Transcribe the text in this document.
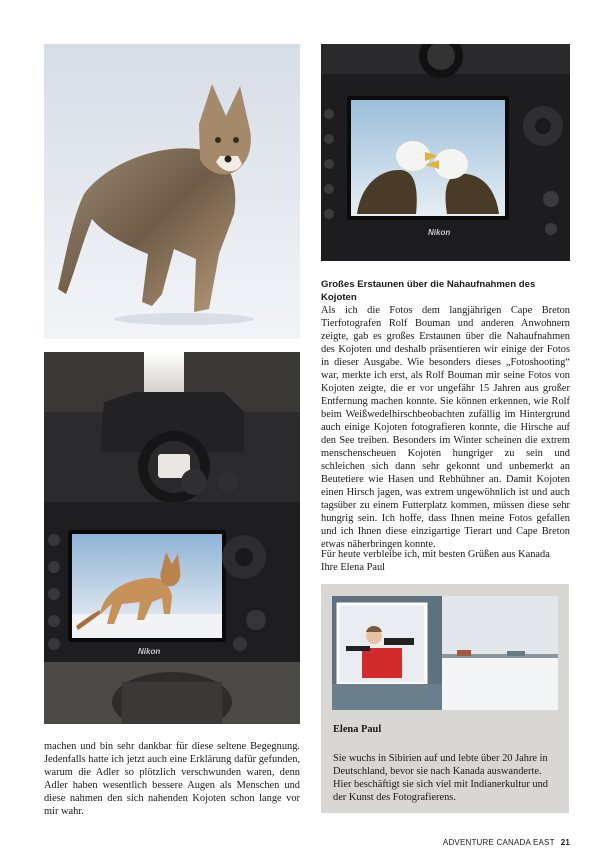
Nikon
Großes Erstaunen über die Nahaufnahmen des Kojoten

Als ich die Fotos dem langjährigen Cape Breton Tierfotografen Rolf Bouman und anderen Anwohnern zeigte, gab es großes Erstaunen über die Nahaufnahmen des Kojoten und deshalb präsentieren wir einige der Fotos in dieser Ausgabe. Wie besonders dieses „Fotoshooting“ war, merkte ich erst, als Rolf Bouman mir seine Fotos von Kojoten zeigte, die er vor ungefähr 15 Jahren aus großer Entfernung machen konnte. Sie können erkennen, wie Rolf beim Weißwedelhirschbeobachten zufällig im Hintergrund auch einige Kojoten fotografieren konnte, die Hirsche auf den See treiben. Besonders im Winter scheinen die extrem menschenscheuen Kojoten hungriger zu sein und schleichen sich dann sehr gekonnt und unbemerkt an Beutetiere wie Hasen und Rebhühner an. Damit Kojoten einen Hirsch jagen, was extrem ungewöhnlich ist und auch tagsüber zu einem Futterplatz kommen, müssen diese sehr hungrig sein. Ich hoffe, dass Ihnen meine Fotos gefallen und ich Ihnen diese einzigartige Tierart und Cape Breton etwas näherbringen konnte.

Für heute verbleibe ich, mit besten Grüßen aus Kanada
Ihre Elena Paul
Nikon

machen und bin sehr dankbar für diese seltene Begegnung. Jedenfalls hatte ich jetzt auch eine Erklärung dafür gefunden, warum die Adler so plötzlich verschwunden waren, denn Adler haben wesentlich bessere Augen als Menschen und diese nahmen den sich nahenden Kojoten schon lange vor mir wahr.

Elena Paul

Sie wuchs in Sibirien auf und lebte über 20 Jahre in Deutschland, bevor sie nach Kanada auswanderte. Hier beschäftigt sie sich viel mit Indianerkultur und der Kunst des Fotografierens.

ADVENTURE CANADA EAST 21
